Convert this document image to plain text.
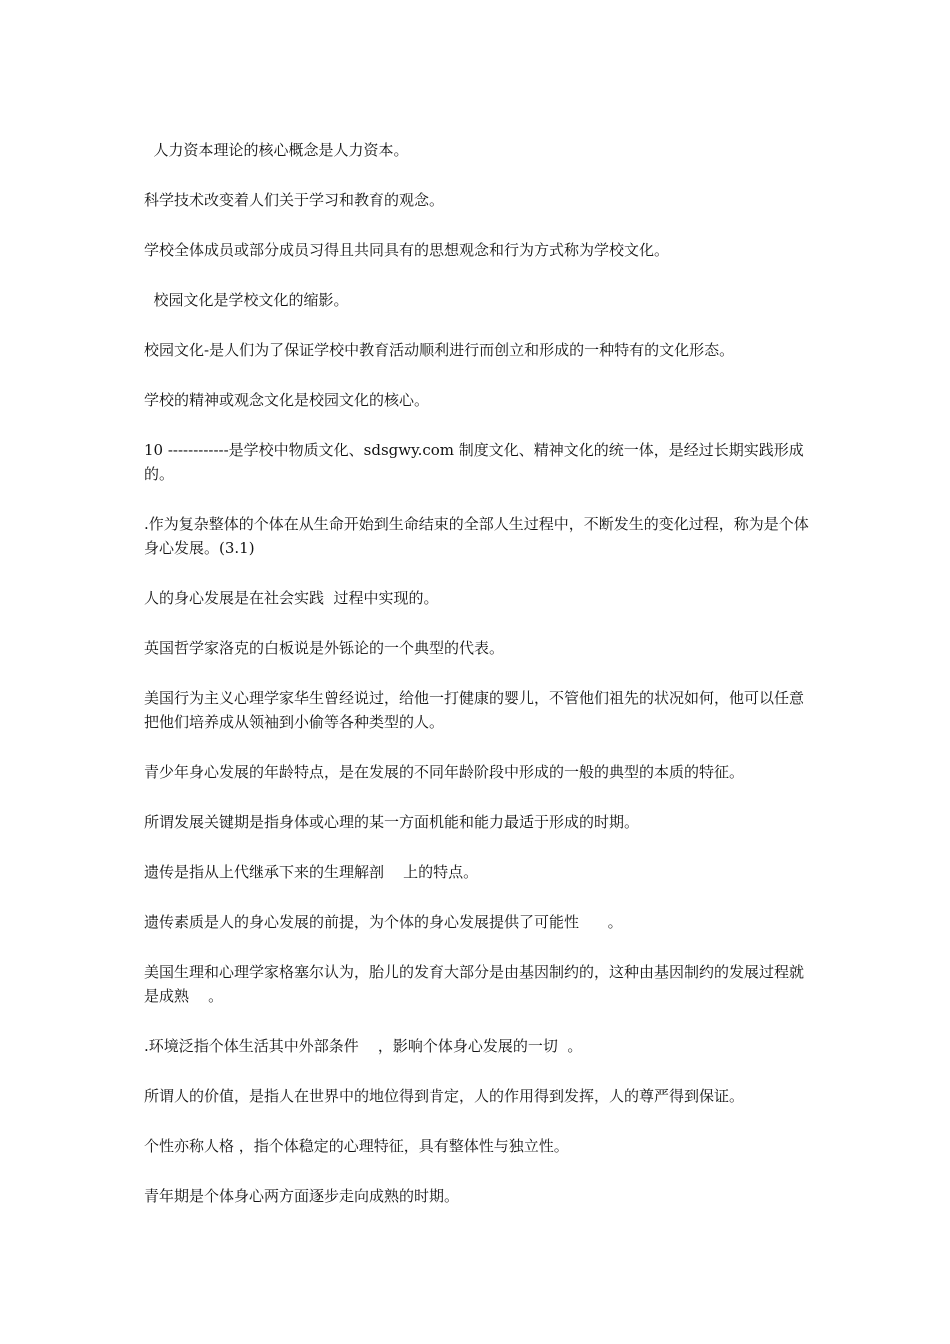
人力资本理论的核心概念是人力资本。

科学技术改变着人们关于学习和教育的观念。

学校全体成员或部分成员习得且共同具有的思想观念和行为方式称为学校文化。

校园文化是学校文化的缩影。

校园文化-是人们为了保证学校中教育活动顺利进行而创立和形成的一种特有的文化形态。

学校的精神或观念文化是校园文化的核心。

10 ------------是学校中物质文化、sdsgwy.com 制度文化、精神文化的统一体，是经过长期实践形成的。

.作为复杂整体的个体在从生命开始到生命结束的全部人生过程中，不断发生的变化过程，称为是个体身心发展。(3.1)

人的身心发展是在社会实践  过程中实现的。

英国哲学家洛克的白板说是外铄论的一个典型的代表。

美国行为主义心理学家华生曾经说过，给他一打健康的婴儿，不管他们祖先的状况如何，他可以任意把他们培养成从领袖到小偷等各种类型的人。

青少年身心发展的年龄特点，是在发展的不同年龄阶段中形成的一般的典型的本质的特征。

所谓发展关键期是指身体或心理的某一方面机能和能力最适于形成的时期。

遗传是指从上代继承下来的生理解剖    上的特点。

遗传素质是人的身心发展的前提，为个体的身心发展提供了可能性      。

美国生理和心理学家格塞尔认为，胎儿的发育大部分是由基因制约的，这种由基因制约的发展过程就是成熟    。

.环境泛指个体生活其中外部条件    ，影响个体身心发展的一切  。

所谓人的价值，是指人在世界中的地位得到肯定，人的作用得到发挥，人的尊严得到保证。

个性亦称人格 ，指个体稳定的心理特征，具有整体性与独立性。

青年期是个体身心两方面逐步走向成熟的时期。
